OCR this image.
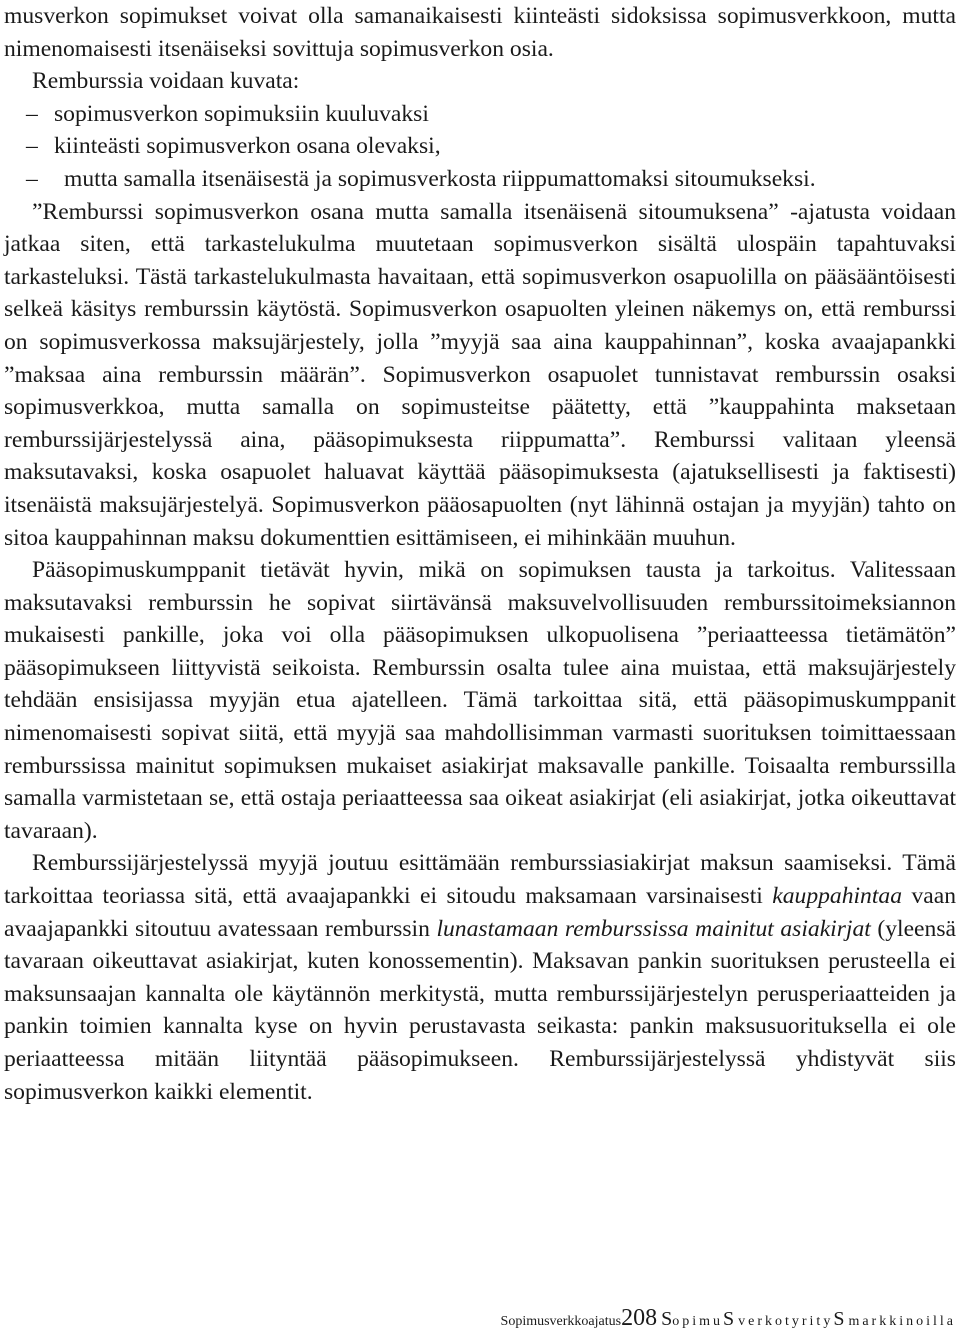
musverkon sopimukset voivat olla samanaikaisesti kiinteästi sidoksissa sopimusverkkoon, mutta nimenomaisesti itsenäiseksi sovittuja sopimusverkon osia.

Remburssia voidaan kuvata:

– sopimusverkon sopimuksiin kuuluvaksi
– kiinteästi sopimusverkon osana olevaksi,
– mutta samalla itsenäisestä ja sopimusverkosta riippumattomaksi sitoumukseksi.

”Remburssi sopimusverkon osana mutta samalla itsenäisenä sitoumuksena” -ajatusta voidaan jatkaa siten, että tarkastelukulma muutetaan sopimusverkon sisältä ulospäin tapahtuvaksi tarkasteluksi. Tästä tarkastelukulmasta havaitaan, että sopimusverkon osapuolilla on pääsääntöisesti selkeä käsitys remburssin käytöstä. Sopimusverkon osapuolten yleinen näkemys on, että remburssi on sopimusverkossa maksujärjestely, jolla ”myyjä saa aina kauppahinnan”, koska avaajapankki ”maksaa aina remburssin määrän”. Sopimusverkon osapuolet tunnistavat remburssin osaksi sopimusverkkoa, mutta samalla on sopimusteitse päätetty, että ”kauppahinta maksetaan remburssijärjestelyssä aina, pääsopimuksesta riippumatta”. Remburssi valitaan yleensä maksutavaksi, koska osapuolet haluavat käyttää pääsopimuksesta (ajatuksellisesti ja faktisesti) itsenäistä maksujärjestelyä. Sopimusverkon pääosapuolten (nyt lähinnä ostajan ja myyjän) tahto on sitoa kauppahinnan maksu dokumenttien esittämiseen, ei mihinkään muuhun.

Pääsopimuskumppanit tietävät hyvin, mikä on sopimuksen tausta ja tarkoitus. Valitessaan maksutavaksi remburssin he sopivat siirtävänsä maksuvelvollisuuden remburssitoimeksiannon mukaisesti pankille, joka voi olla pääsopimuksen ulkopuolisena ”periaatteessa tietämätön” pääsopimukseen liittyvistä seikoista. Remburssin osalta tulee aina muistaa, että maksujärjestely tehdään ensisijassa myyjän etua ajatelleen. Tämä tarkoittaa sitä, että pääsopimuskumppanit nimenomaisesti sopivat siitä, että myyjä saa mahdollisimman varmasti suorituksen toimittaessaan remburssissa mainitut sopimuksen mukaiset asiakirjat maksavalle pankille. Toisaalta remburssilla samalla varmistetaan se, että ostaja periaatteessa saa oikeat asiakirjat (eli asiakirjat, jotka oikeuttavat tavaraan).

Remburssijärjestelyssä myyjä joutuu esittämään remburssiasiakirjat maksun saamiseksi. Tämä tarkoittaa teoriassa sitä, että avaajapankki ei sitoudu maksamaan varsinaisesti kauppahintaa vaan avaajapankki sitoutuu avatessaan remburssin lunastamaan remburssissa mainitut asiakirjat (yleensä tavaraan oikeuttavat asiakirjat, kuten konossementin). Maksavan pankin suorituksen perusteella ei maksunsaajan kannalta ole käytännön merkitystä, mutta remburssijärjestelyn perusperiaatteiden ja pankin toimien kannalta kyse on hyvin perustavasta seikasta: pankin maksusuorituksella ei ole periaatteessa mitään liityntää pääsopimukseen. Remburssijärjestelyssä yhdistyvät siis sopimusverkon kaikki elementit.

Sopimusverkkoajatus208 SopimuS verkotyrityS markkinoilla
